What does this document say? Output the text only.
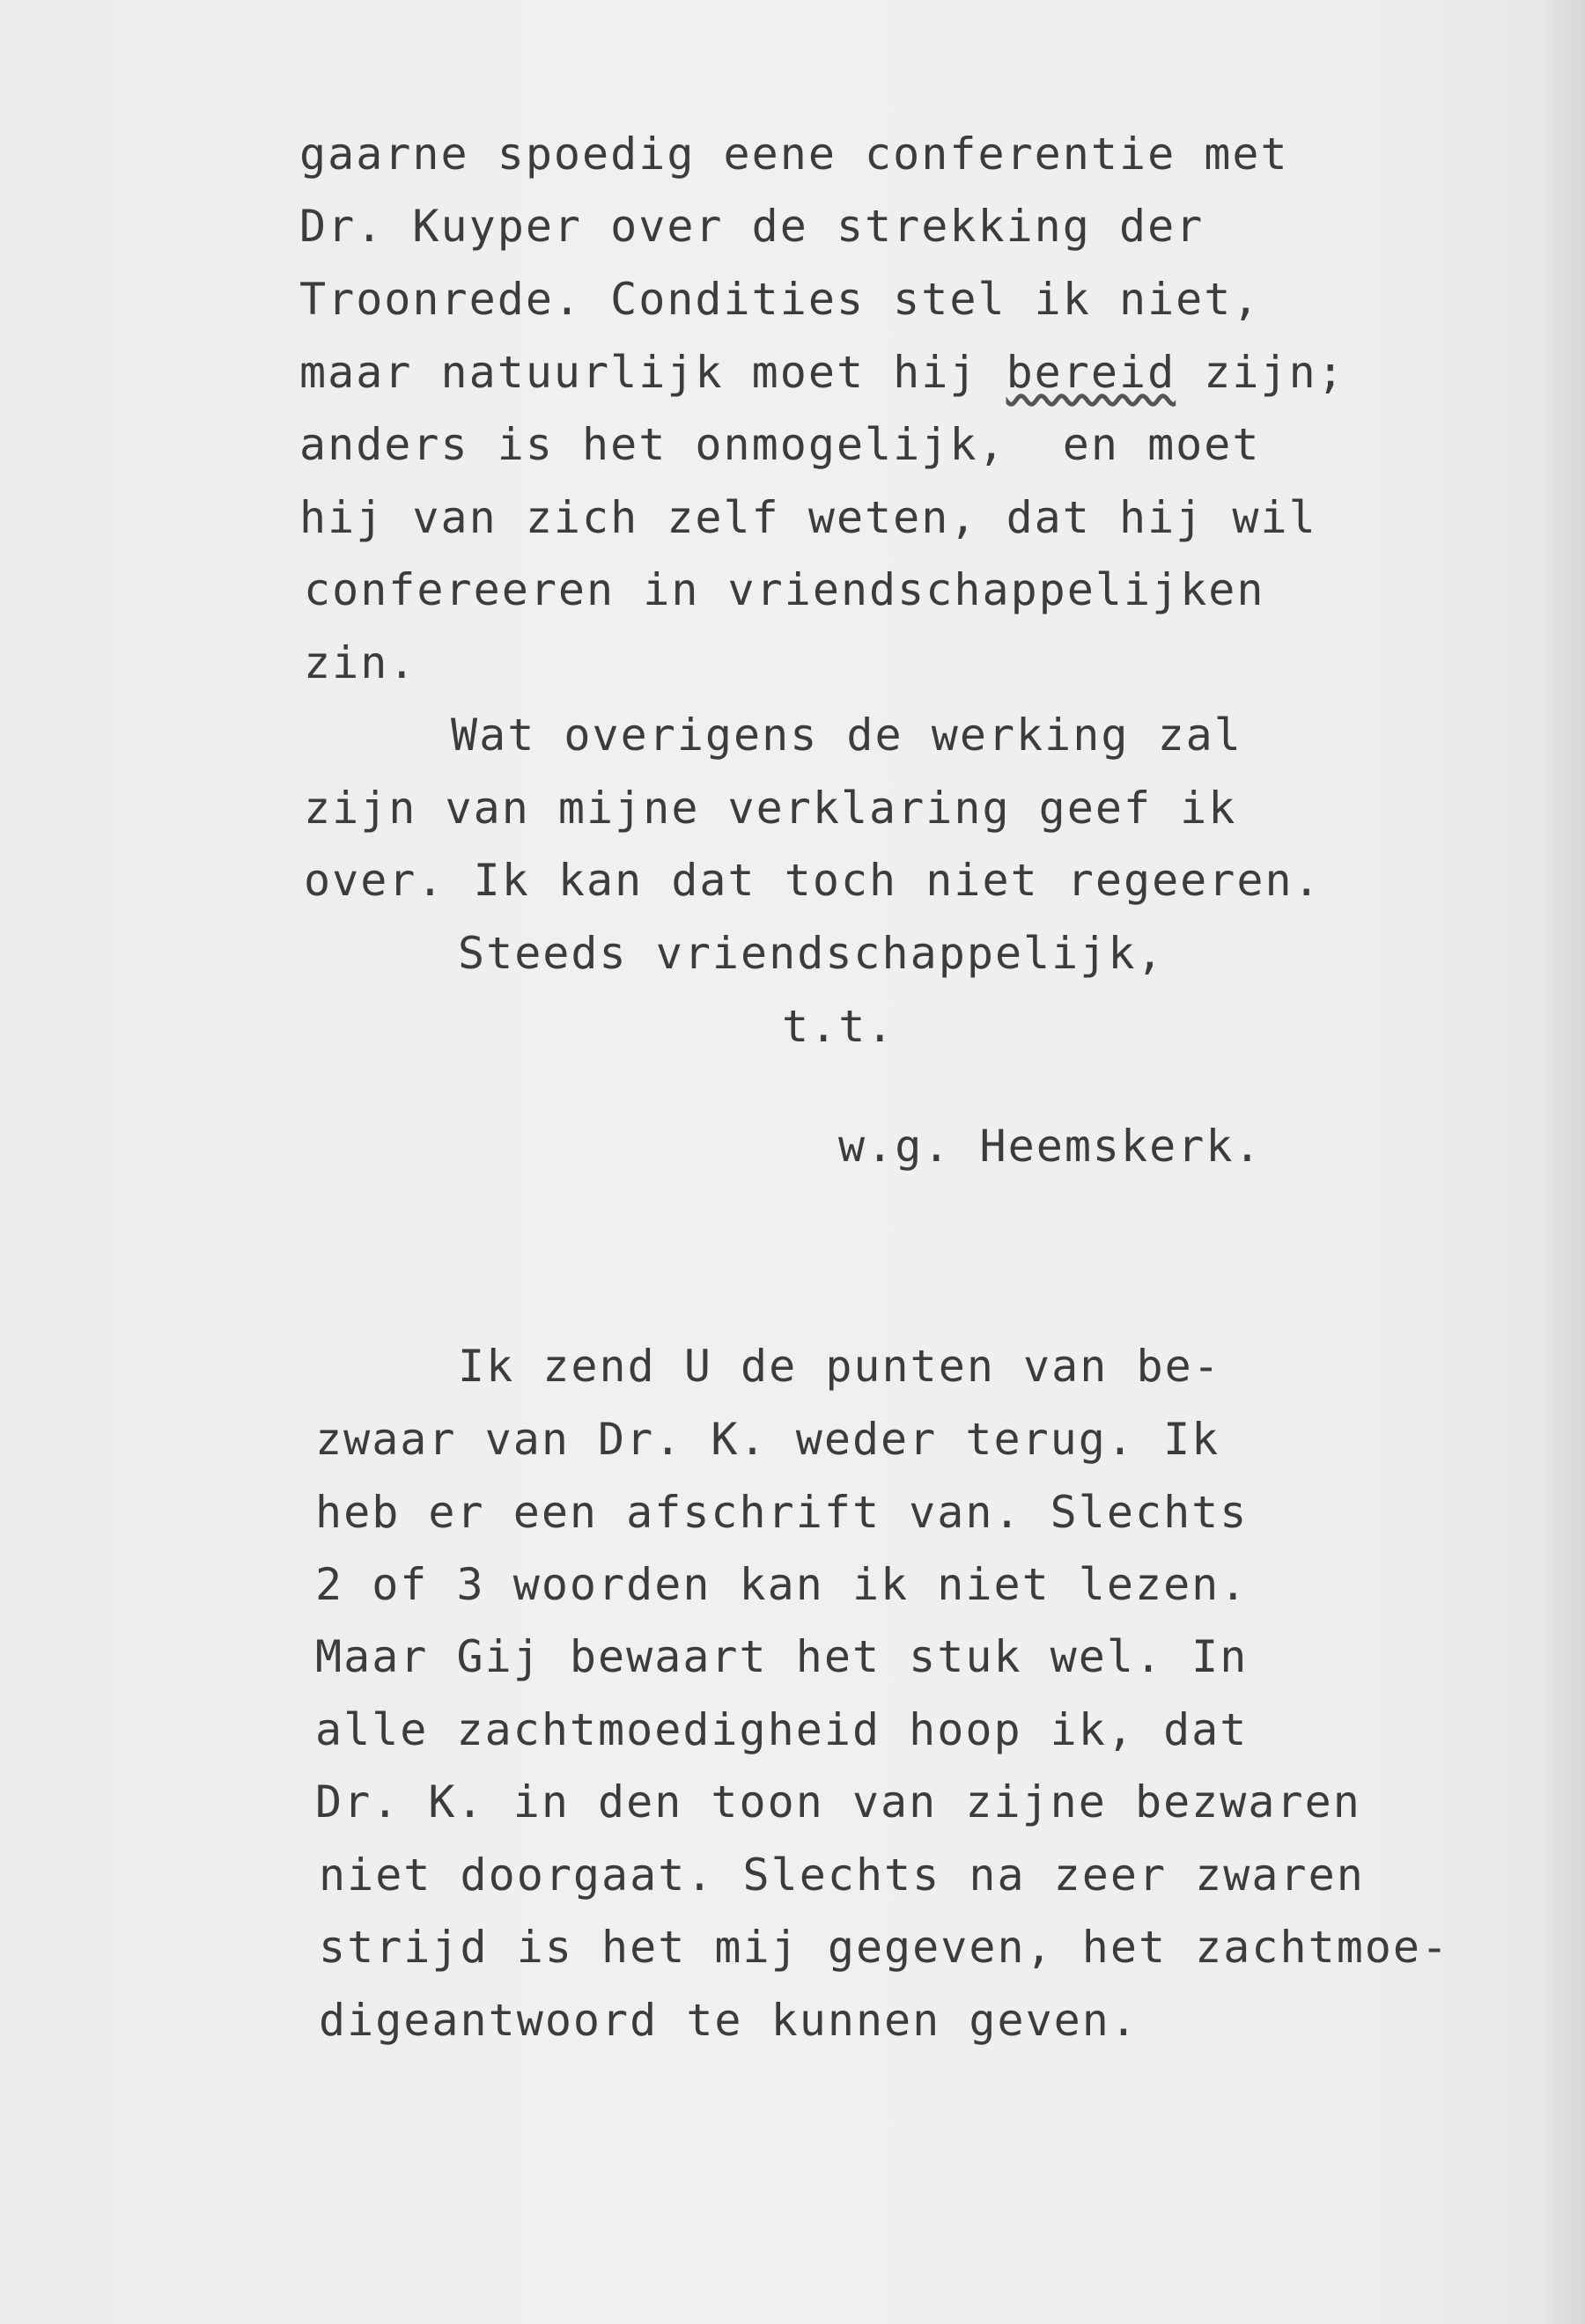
gaarne spoedig eene conferentie met
Dr. Kuyper over de strekking der
Troonrede. Condities stel ik niet,
maar natuurlijk moet hij bereid zijn;
anders is het onmogelijk,  en moet
hij van zich zelf weten, dat hij wil
confereeren in vriendschappelijken
zin.
Wat overigens de werking zal
zijn van mijne verklaring geef ik
over. Ik kan dat toch niet regeeren.
Steeds vriendschappelijk,
t.t.
w.g. Heemskerk.
Ik zend U de punten van be-
zwaar van Dr. K. weder terug. Ik
heb er een afschrift van. Slechts
2 of 3 woorden kan ik niet lezen.
Maar Gij bewaart het stuk wel. In
alle zachtmoedigheid hoop ik, dat
Dr. K. in den toon van zijne bezwaren
niet doorgaat. Slechts na zeer zwaren
strijd is het mij gegeven, het zachtmoe-
digeantwoord te kunnen geven.
